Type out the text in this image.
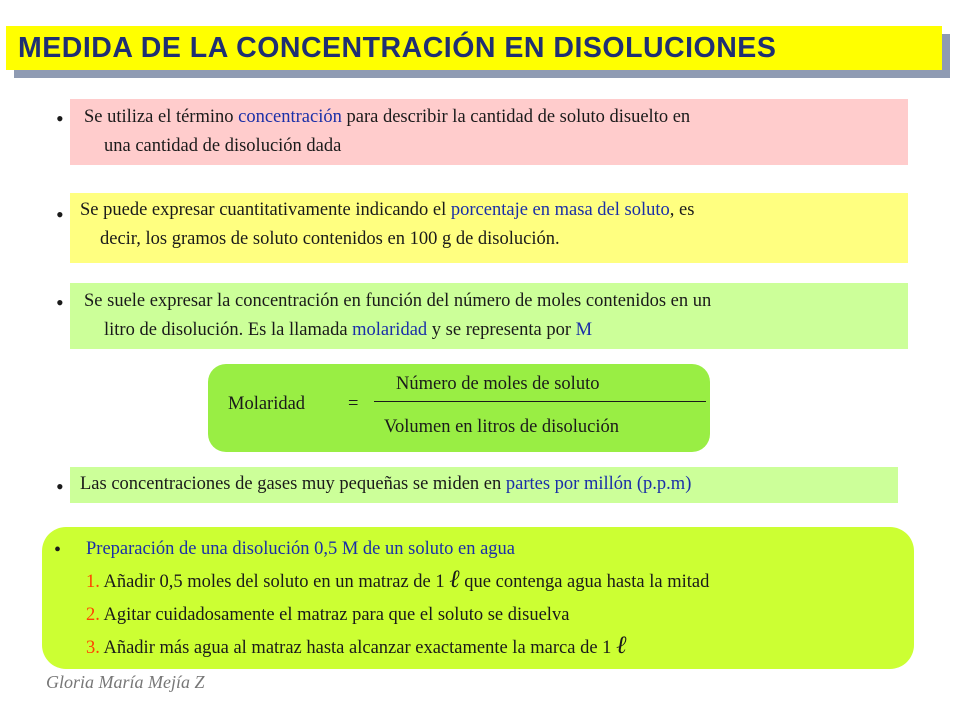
MEDIDA DE LA CONCENTRACIÓN EN DISOLUCIONES
• Se utiliza el término concentración para describir la cantidad de soluto disuelto en

una cantidad de disolución dada

• Se puede expresar cuantitativamente indicando el porcentaje en masa del soluto, es

decir, los gramos de soluto contenidos en 100 g de disolución.

• Se suele expresar la concentración en función del número de moles contenidos en un

litro de disolución. Es la llamada molaridad y se representa por M

Molaridad =
Número de moles de soluto
Volumen en litros de disolución
• Las concentraciones de gases muy pequeñas se miden en partes por millón (p.p.m)

• Preparación de una disolución 0,5 M de un soluto en agua
1. Añadir 0,5 moles del soluto en un matraz de 1 ℓ que contenga agua hasta la mitad
2. Agitar cuidadosamente el matraz para que el soluto se disuelva
3. Añadir más agua al matraz hasta alcanzar exactamente la marca de 1 ℓ
Gloria María Mejía Z
